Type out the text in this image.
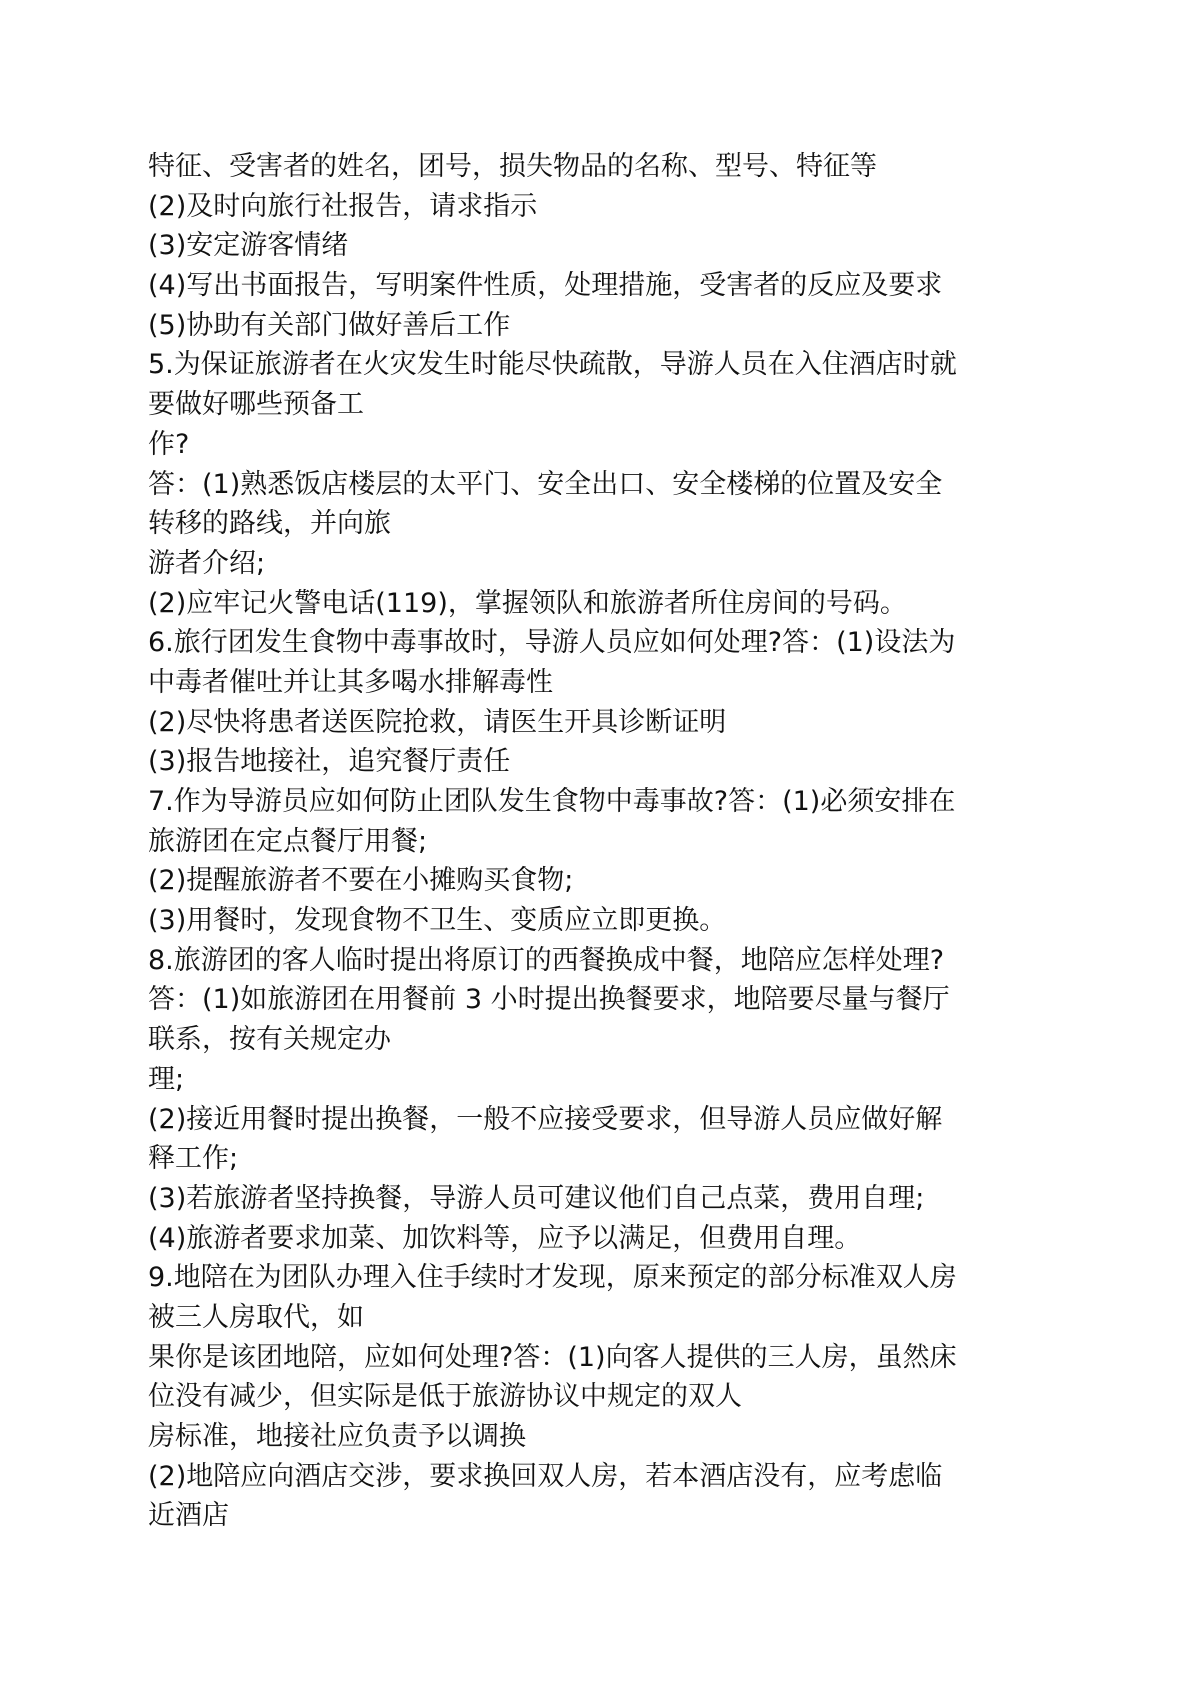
特征、受害者的姓名，团号，损失物品的名称、型号、特征等
(2)及时向旅行社报告，请求指示
(3)安定游客情绪
(4)写出书面报告，写明案件性质，处理措施，受害者的反应及要求
(5)协助有关部门做好善后工作
5.为保证旅游者在火灾发生时能尽快疏散，导游人员在入住酒店时就
要做好哪些预备工
作?
答：(1)熟悉饭店楼层的太平门、安全出口、安全楼梯的位置及安全
转移的路线，并向旅
游者介绍;
(2)应牢记火警电话(119)，掌握领队和旅游者所住房间的号码。
6.旅行团发生食物中毒事故时，导游人员应如何处理?答：(1)设法为
中毒者催吐并让其多喝水排解毒性
(2)尽快将患者送医院抢救，请医生开具诊断证明
(3)报告地接社，追究餐厅责任
7.作为导游员应如何防止团队发生食物中毒事故?答：(1)必须安排在
旅游团在定点餐厅用餐;
(2)提醒旅游者不要在小摊购买食物;
(3)用餐时，发现食物不卫生、变质应立即更换。
8.旅游团的客人临时提出将原订的西餐换成中餐，地陪应怎样处理?
答：(1)如旅游团在用餐前 3 小时提出换餐要求，地陪要尽量与餐厅
联系，按有关规定办
理;
(2)接近用餐时提出换餐，一般不应接受要求，但导游人员应做好解
释工作;
(3)若旅游者坚持换餐，导游人员可建议他们自己点菜，费用自理;
(4)旅游者要求加菜、加饮料等，应予以满足，但费用自理。
9.地陪在为团队办理入住手续时才发现，原来预定的部分标准双人房
被三人房取代，如
果你是该团地陪，应如何处理?答：(1)向客人提供的三人房，虽然床
位没有减少，但实际是低于旅游协议中规定的双人
房标准，地接社应负责予以调换
(2)地陪应向酒店交涉，要求换回双人房，若本酒店没有，应考虑临
近酒店
